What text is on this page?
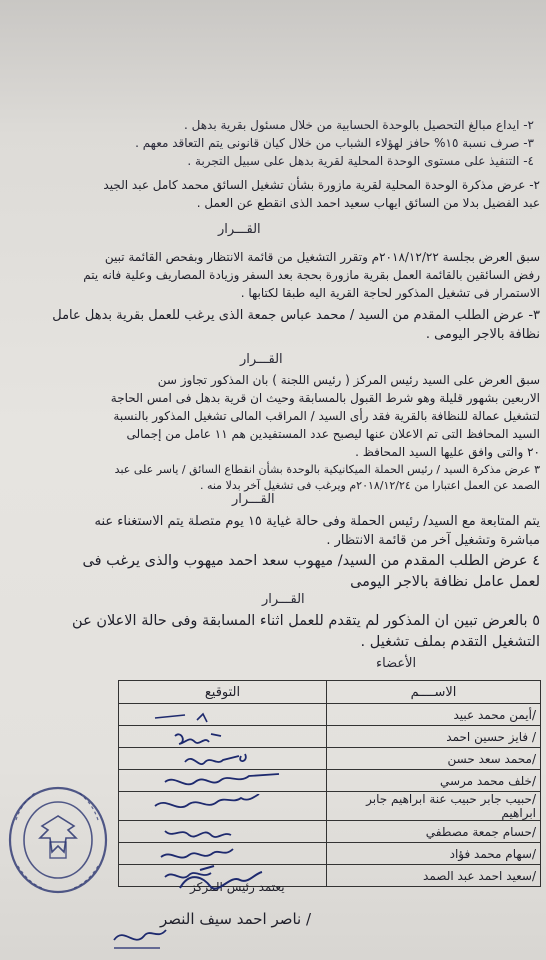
٢- ايداع مبالغ التحصيل بالوحدة الحسابية من خلال مسئول بقرية بدهل .
٣- صرف نسبة ١٥% حافز لهؤلاء الشباب من خلال كيان قانونى يتم التعاقد معهم .
٤- التنفيذ على مستوى الوحدة المحلية لقرية بدهل على سبيل التجربة .
٢- عرض مذكرة الوحدة المحلية لقرية مازورة بشأن تشغيل السائق محمد كامل عبد الجيد
عبد الفضيل بدلا من السائق ايهاب سعيد احمد الذى انقطع عن العمل .
القـــرار
سبق العرض بجلسة ٢٠١٨/١٢/٢٢م وتقرر التشغيل من قائمة الانتظار وبفحص القائمة تبين
رفض السائقين بالقائمة العمل بقرية مازورة بحجة بعد السفر وزيادة المصاريف وعلية فانه يتم
الاستمرار فى تشغيل المذكور لحاجة القرية اليه طبقا لكتابها .
٣- عرض الطلب المقدم من السيد / محمد عباس جمعة الذى يرغب للعمل بقرية بدهل عامل
نظافة بالاجر اليومى .
القـــرار
سبق العرض على السيد رئيس المركز ( رئيس اللجنة ) بان المذكور تجاوز سن
الاربعين بشهور قليلة وهو شرط القبول بالمسابقة وحيث ان قرية بدهل فى امس الحاجة
لتشغيل عمالة للنظافة بالقرية فقد رأى السيد / المراقب المالى تشغيل المذكور بالنسبة
السيد المحافظ التى تم الاعلان عنها ليصبح عدد المستفيدين هم ١١ عامل من إجمالى
٢٠ والتى وافق عليها السيد المحافظ .
٣ عرض مذكرة السيد / رئيس الحملة الميكانيكية بالوحدة بشأن انقطاع السائق / ياسر على عبد
الصمد عن العمل اعتبارا من ٢٠١٨/١٢/٢٤م ويرغب فى تشغيل آخر بدلا منه .
القـــرار
يتم المتابعة مع السيد/ رئيس الحملة وفى حالة غياية ١٥ يوم متصلة يتم الاستغناء عنه
مباشرة وتشغيل آخر من قائمة الانتظار .
٤ عرض الطلب المقدم من السيد/ ميهوب سعد احمد ميهوب والذى يرغب فى
لعمل عامل نظافة بالاجر اليومى
القـــرار
٥ بالعرض تبين ان المذكور لم يتقدم للعمل اثناء المسابقة وفى حالة الاعلان عن
التشغيل التقدم بملف تشغيل .
الأعضاء
الاســــم	التوقيع
/أيمن محمد عبيد	

/ فايز حسين احمد	

/محمد سعد حسن	

/خلف محمد مرسي	

/حبيب جابر حبيب عنة ابراهيم جابر ابراهيم	

/حسام جمعة مصطفي	

/سهام محمد فؤاد	

/سعيد احمد عبد الصمد	
يعتمد رئيس المركز
/ ناصر احمد سيف النصر
